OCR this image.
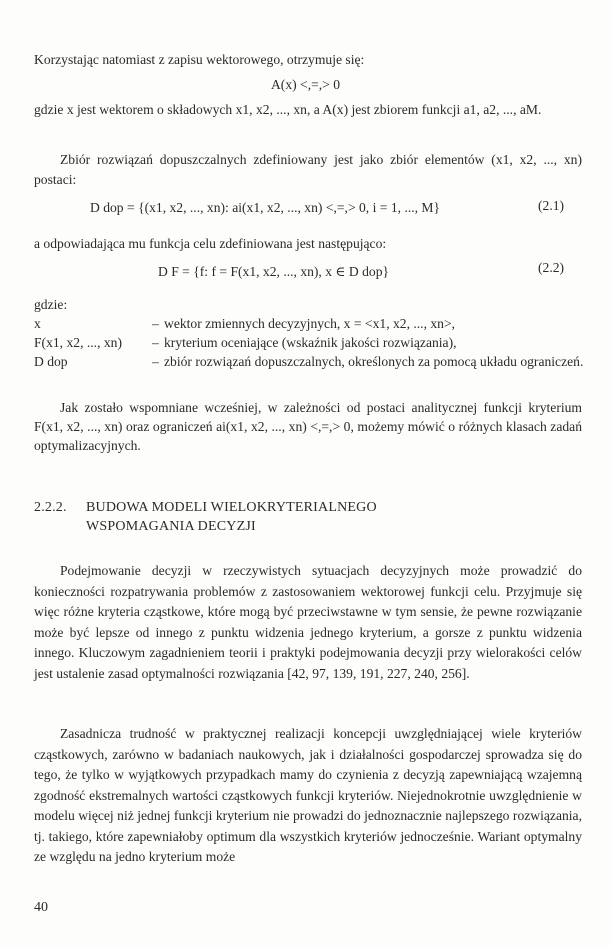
Korzystając natomiast z zapisu wektorowego, otrzymuje się:
A(x) <,=,> 0
gdzie x jest wektorem o składowych x1, x2, ..., xn, a A(x) jest zbiorem funkcji a1, a2, ..., aM.
Zbiór rozwiązań dopuszczalnych zdefiniowany jest jako zbiór elementów (x1, x2, ..., xn) postaci:
D dop = {(x1, x2, ..., xn): ai(x1, x2, ..., xn) <,=,> 0, i = 1, ..., M}	(2.1)
a odpowiadająca mu funkcja celu zdefiniowana jest następująco:
D F = {f: f = F(x1, x2, ..., xn), x ∈ D dop}	(2.2)
gdzie:
x	– wektor zmiennych decyzyjnych, x = <x1, x2, ..., xn>,
F(x1, x2, ..., xn) – kryterium oceniające (wskaźnik jakości rozwiązania),
D dop	– zbiór rozwiązań dopuszczalnych, określonych za pomocą układu ograniczeń.
Jak zostało wspomniane wcześniej, w zależności od postaci analitycznej funkcji kryterium F(x1, x2, ..., xn) oraz ograniczeń ai(x1, x2, ..., xn) <,=,> 0, możemy mówić o różnych klasach zadań optymalizacyjnych.
2.2.2. BUDOWA MODELI WIELOKRYTERIALNEGO
WSPOMAGANIA DECYZJI
Podejmowanie decyzji w rzeczywistych sytuacjach decyzyjnych może prowadzić do konieczności rozpatrywania problemów z zastosowaniem wektorowej funkcji celu. Przyjmuje się więc różne kryteria cząstkowe, które mogą być przeciwstawne w tym sensie, że pewne rozwiązanie może być lepsze od innego z punktu widzenia jednego kryterium, a gorsze z punktu widzenia innego. Kluczowym zagadnieniem teorii i praktyki podejmowania decyzji przy wielorakości celów jest ustalenie zasad optymalności rozwiązania [42, 97, 139, 191, 227, 240, 256].
Zasadnicza trudność w praktycznej realizacji koncepcji uwzględniającej wiele kryteriów cząstkowych, zarówno w badaniach naukowych, jak i działalności gospodarczej sprowadza się do tego, że tylko w wyjątkowych przypadkach mamy do czynienia z decyzją zapewniającą wzajemną zgodność ekstremalnych wartości cząstkowych funkcji kryteriów. Niejednokrotnie uwzględnienie w modelu więcej niż jednej funkcji kryterium nie prowadzi do jednoznacznie najlepszego rozwiązania, tj. takiego, które zapewniałoby optimum dla wszystkich kryteriów jednocześnie. Wariant optymalny ze względu na jedno kryterium może
40
